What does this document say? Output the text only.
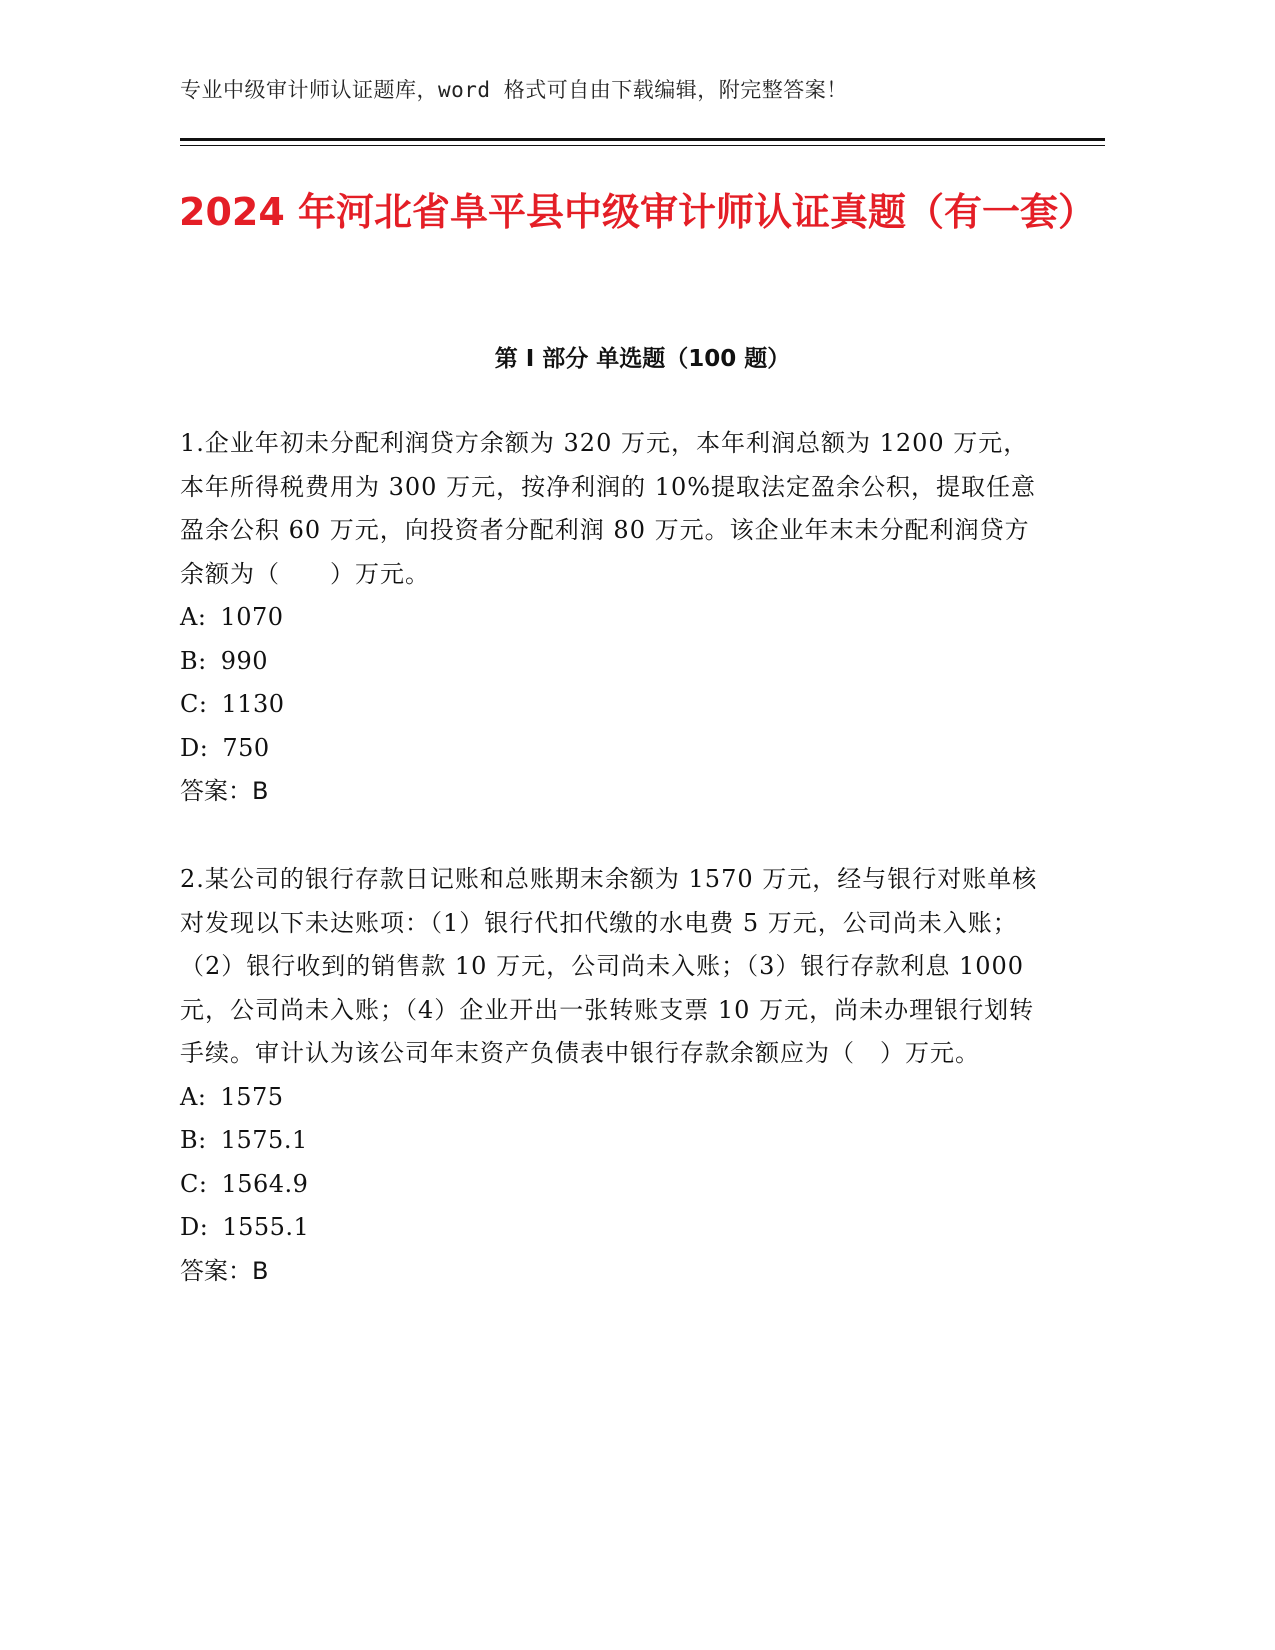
专业中级审计师认证题库，word 格式可自由下载编辑，附完整答案！
2024 年河北省阜平县中级审计师认证真题（有一套）
第 I 部分 单选题（100 题）

1.企业年初未分配利润贷方余额为 320 万元，本年利润总额为 1200 万元，本年所得税费用为 300 万元，按净利润的 10%提取法定盈余公积，提取任意盈余公积 60 万元，向投资者分配利润 80 万元。该企业年末未分配利润贷方余额为（　　）万元。

A: 1070

B: 990

C: 1130

D: 750

答案：B

2.某公司的银行存款日记账和总账期末余额为 1570 万元，经与银行对账单核对发现以下未达账项：（1）银行代扣代缴的水电费 5 万元，公司尚未入账；（2）银行收到的销售款 10 万元，公司尚未入账；（3）银行存款利息 1000 元，公司尚未入账；（4）企业开出一张转账支票 10 万元，尚未办理银行划转手续。审计认为该公司年末资产负债表中银行存款余额应为（　）万元。

A: 1575

B: 1575.1

C: 1564.9

D: 1555.1

答案：B
